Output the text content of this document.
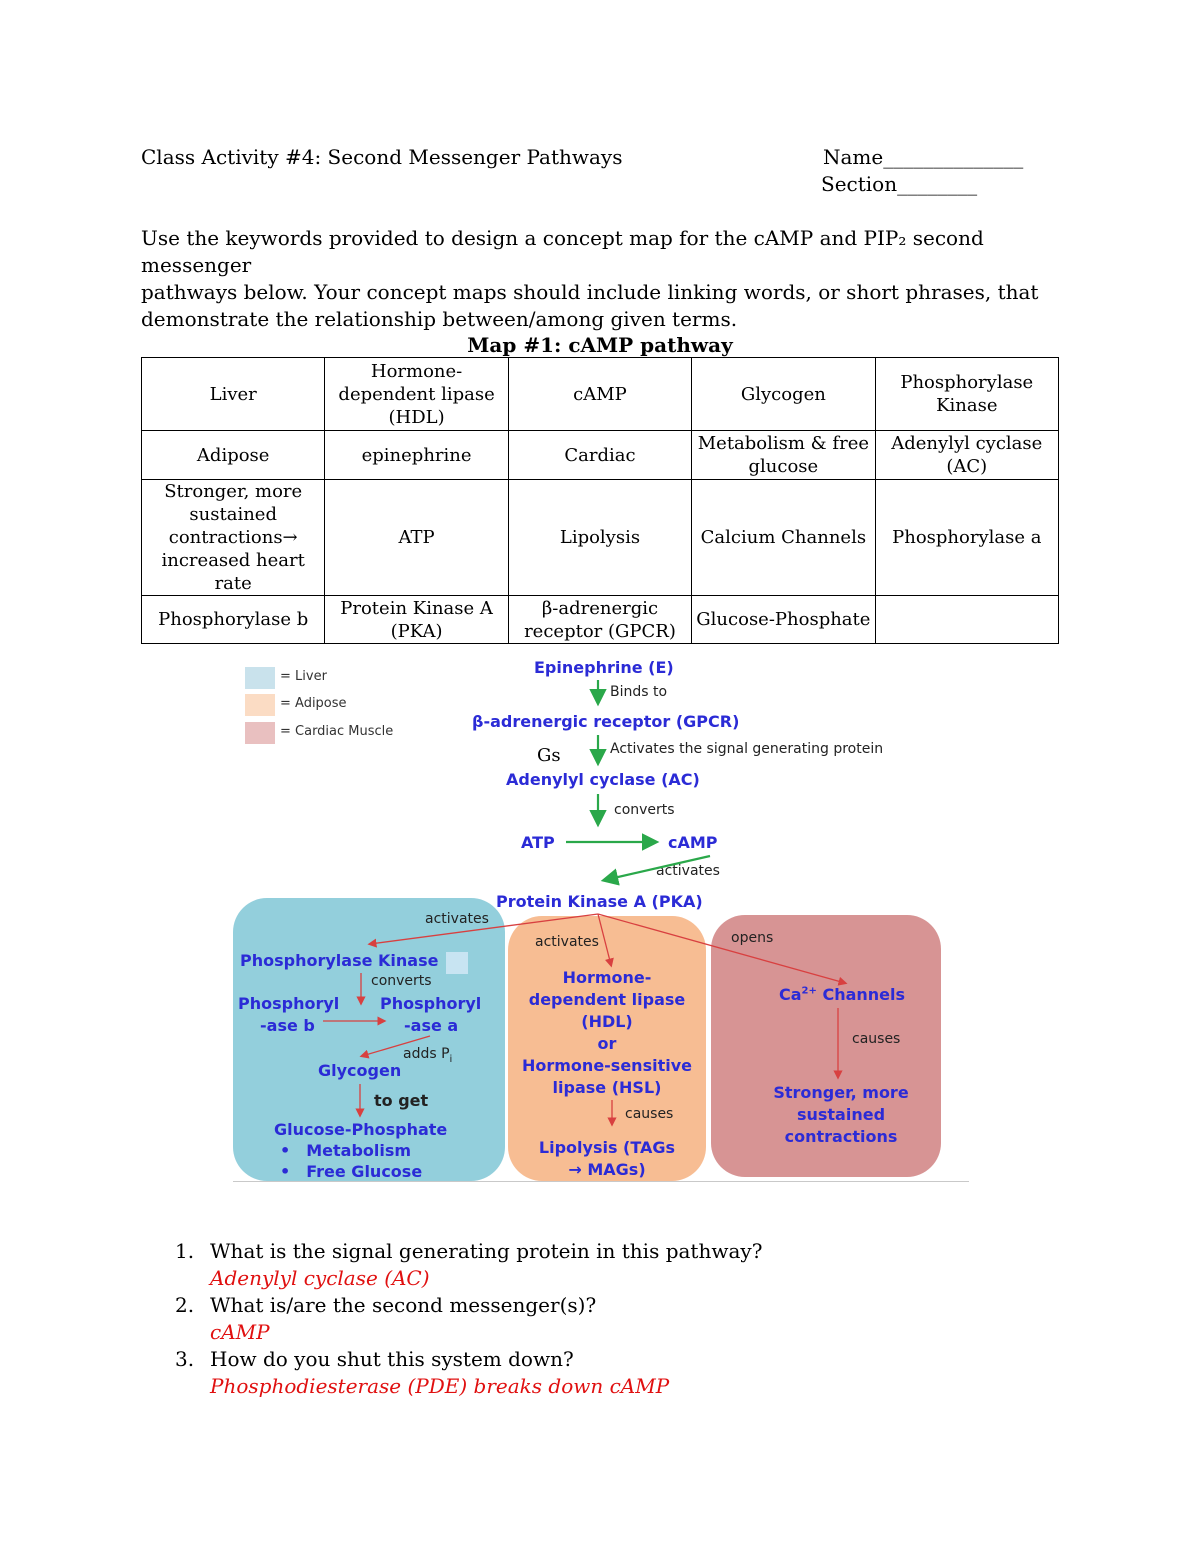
Class Activity #4: Second Messenger Pathways	Name______________
Section________

Use the keywords provided to design a concept map for the cAMP and PIP₂ second messenger

pathways below. Your concept maps should include linking words, or short phrases, that

demonstrate the relationship between/among given terms.

Map #1: cAMP pathway
Liver	Hormone-dependent lipase (HDL)	cAMP	Glycogen	Phosphorylase Kinase
Adipose	epinephrine	Cardiac	Metabolism & free glucose	Adenylyl cyclase (AC)
Stronger, more sustained contractions→ increased heart rate	ATP	Lipolysis	Calcium Channels	Phosphorylase a
Phosphorylase b	Protein Kinase A (PKA)	β-adrenergic receptor (GPCR)	Glucose-Phosphate	
= Liver
= Adipose
= Cardiac Muscle
Epinephrine (E)
Binds to
β-adrenergic receptor (GPCR)
Gs	Activates the signal generating protein
Adenylyl cyclase (AC)
converts
ATP	cAMP
activates
Protein Kinase A (PKA)
activates
Phosphorylase Kinase
converts
Phosphoryl
-ase b
Phosphoryl
-ase a
adds $P_i$
Glycogen
to get
Glucose-Phosphate
• Metabolism
• Free Glucose
activates
Hormone-
dependent lipase
(HDL)
or
Hormone-sensitive
lipase (HSL)
causes
Lipolysis (TAGs
→ MAGs)
opens
$Ca^{2+}$ Channels
causes
Stronger, more
sustained
contractions
1. What is the signal generating protein in this pathway?
Adenylyl cyclase (AC)
2. What is/are the second messenger(s)?
cAMP
3. How do you shut this system down?
Phosphodiesterase (PDE) breaks down cAMP
